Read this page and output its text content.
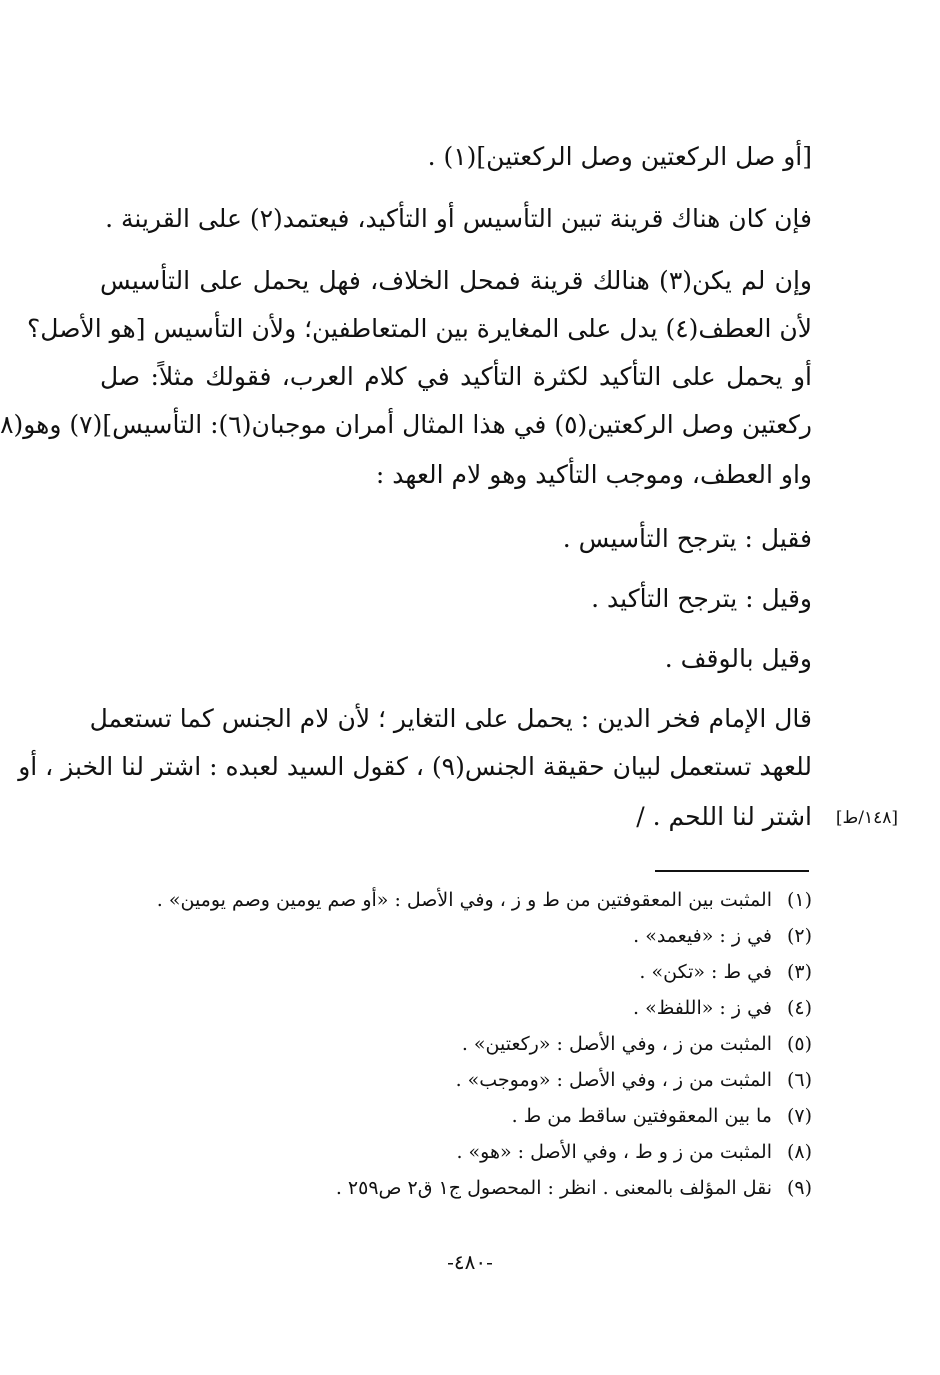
[أو صل الركعتين وصل الركعتين](١) .
فإن كان هناك قرينة تبين التأسيس أو التأكيد، فيعتمد(٢) على القرينة .
وإن لم يكن(٣) هنالك قرينة فمحل الخلاف، فهل يحمل على التأسيس
لأن العطف(٤) يدل على المغايرة بين المتعاطفين؛ ولأن التأسيس [هو الأصل؟
أو يحمل على التأكيد لكثرة التأكيد في كلام العرب، فقولك مثلاً: صل
ركعتين وصل الركعتين(٥) في هذا المثال أمران موجبان(٦): التأسيس](٧) وهو(٨
واو العطف، وموجب التأكيد وهو لام العهد :
فقيل : يترجح التأسيس .
وقيل : يترجح التأكيد .
وقيل بالوقف .
قال الإمام فخر الدين : يحمل على التغاير ؛ لأن لام الجنس كما تستعمل
للعهد تستعمل لبيان حقيقة الجنس(٩) ، كقول السيد لعبده : اشتر لنا الخبز ، أو
اشتر لنا اللحم . / [١٤٨/ط]
(١)المثبت بين المعقوفتين من ط و ز ، وفي الأصل : «أو صم يومين وصم يومين» .
(٢)في ز : «فيعمد» .
(٣)في ط : «تكن» .
(٤)في ز : «اللفظ» .
(٥)المثبت من ز ، وفي الأصل : «ركعتين» .
(٦)المثبت من ز ، وفي الأصل : «وموجب» .
(٧)ما بين المعقوفتين ساقط من ط .
(٨)المثبت من ز و ط ، وفي الأصل : «هو» .
(٩)نقل المؤلف بالمعنى . انظر : المحصول ج١ ق٢ ص٢٥٩ .
-٤٨٠-
